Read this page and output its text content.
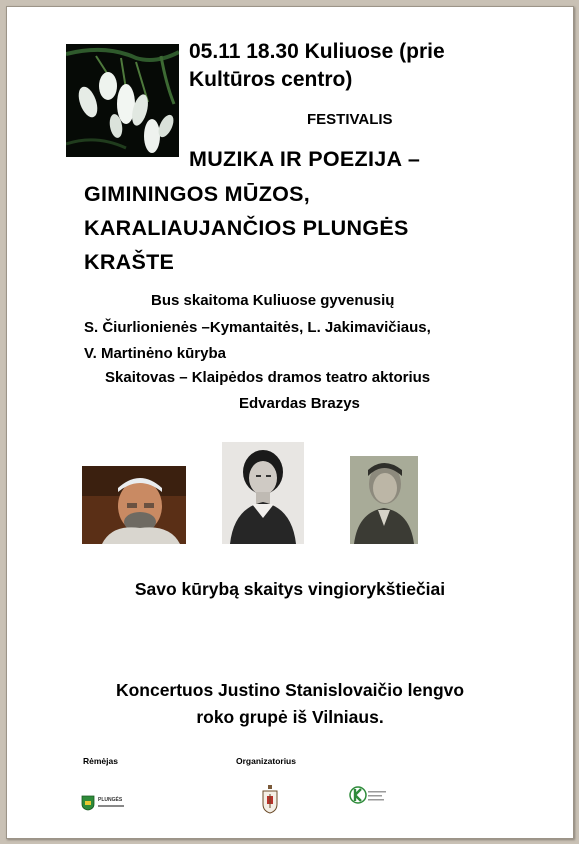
05.11 18.30 Kuliuose (prie
Kultūros centro)
FESTIVALIS
MUZIKA IR POEZIJA –
GIMININGOS MŪZOS,
KARALIAUJANČIOS PLUNGĖS
KRAŠTE
Bus skaitoma Kuliuose gyvenusių
S. Čiurlionienės –Kymantaitės, L. Jakimavičiaus,
V. Martinėno kūryba
Skaitovas – Klaipėdos dramos teatro aktorius
Edvardas Brazys
Savo kūrybą skaitys vingiorykštiečiai
Koncertuos Justino Stanislovaičio lengvo
roko grupė iš Vilniaus.
Rėmėjas	Organizatorius
PLUNGĖS
